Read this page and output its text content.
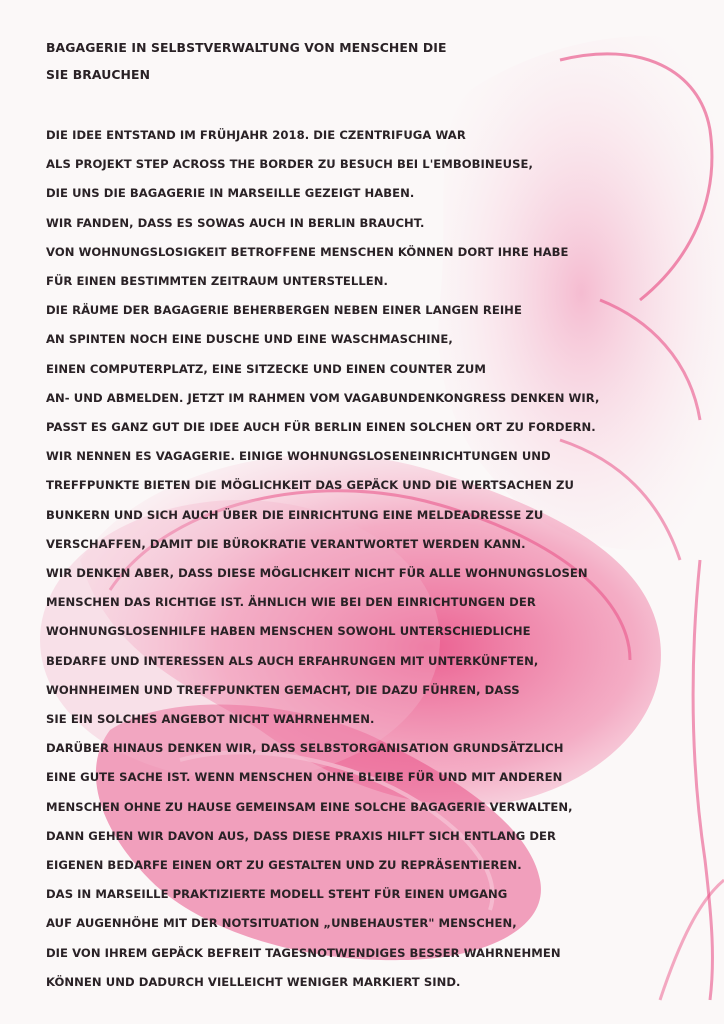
BAGAGERIE IN SELBSTVERWALTUNG VON MENSCHEN DIE
SIE BRAUCHEN
DIE IDEE ENTSTAND IM FRÜHJAHR 2018. DIE CZENTRIFUGA WAR
ALS PROJEKT STEP ACROSS THE BORDER ZU BESUCH BEI L'EMBOBINEUSE,
DIE UNS DIE BAGAGERIE IN MARSEILLE GEZEIGT HABEN.
WIR FANDEN, DASS ES SOWAS AUCH IN BERLIN BRAUCHT.
VON WOHNUNGSLOSIGKEIT BETROFFENE MENSCHEN KÖNNEN DORT IHRE HABE
FÜR EINEN BESTIMMTEN ZEITRAUM UNTERSTELLEN.
DIE RÄUME DER BAGAGERIE BEHERBERGEN NEBEN EINER LANGEN REIHE
AN SPINTEN NOCH EINE DUSCHE UND EINE WASCHMASCHINE,
EINEN COMPUTERPLATZ, EINE SITZECKE UND EINEN COUNTER ZUM
AN- UND ABMELDEN. JETZT IM RAHMEN VOM VAGABUNDENKONGRESS DENKEN WIR,
PASST ES GANZ GUT DIE IDEE AUCH FÜR BERLIN EINEN SOLCHEN ORT ZU FORDERN.
WIR NENNEN ES VAGAGERIE. EINIGE WOHNUNGSLOSENEINRICHTUNGEN UND
TREFFPUNKTE BIETEN DIE MÖGLICHKEIT DAS GEPÄCK UND DIE WERTSACHEN ZU
BUNKERN UND SICH AUCH ÜBER DIE EINRICHTUNG EINE MELDEADRESSE ZU
VERSCHAFFEN, DAMIT DIE BÜROKRATIE VERANTWORTET WERDEN KANN.
WIR DENKEN ABER, DASS DIESE MÖGLICHKEIT NICHT FÜR ALLE WOHNUNGSLOSEN
MENSCHEN DAS RICHTIGE IST. ÄHNLICH WIE BEI DEN EINRICHTUNGEN DER
WOHNUNGSLOSENHILFE HABEN MENSCHEN SOWOHL UNTERSCHIEDLICHE
BEDARFE UND INTERESSEN ALS AUCH ERFAHRUNGEN MIT UNTERKÜNFTEN,
WOHNHEIMEN UND TREFFPUNKTEN GEMACHT, DIE DAZU FÜHREN, DASS
SIE EIN SOLCHES ANGEBOT NICHT WAHRNEHMEN.
DARÜBER HINAUS DENKEN WIR, DASS SELBSTORGANISATION GRUNDSÄTZLICH
EINE GUTE SACHE IST. WENN MENSCHEN OHNE BLEIBE FÜR UND MIT ANDEREN
MENSCHEN OHNE ZU HAUSE GEMEINSAM EINE SOLCHE BAGAGERIE VERWALTEN,
DANN GEHEN WIR DAVON AUS, DASS DIESE PRAXIS HILFT SICH ENTLANG DER
EIGENEN BEDARFE EINEN ORT ZU GESTALTEN UND ZU REPRÄSENTIEREN.
DAS IN MARSEILLE PRAKTIZIERTE MODELL STEHT FÜR EINEN UMGANG
AUF AUGENHÖHE MIT DER NOTSITUATION „UNBEHAUSTER" MENSCHEN,
DIE VON IHREM GEPÄCK BEFREIT TAGESNOTWENDIGES BESSER WAHRNEHMEN
KÖNNEN UND DADURCH VIELLEICHT WENIGER MARKIERT SIND.
